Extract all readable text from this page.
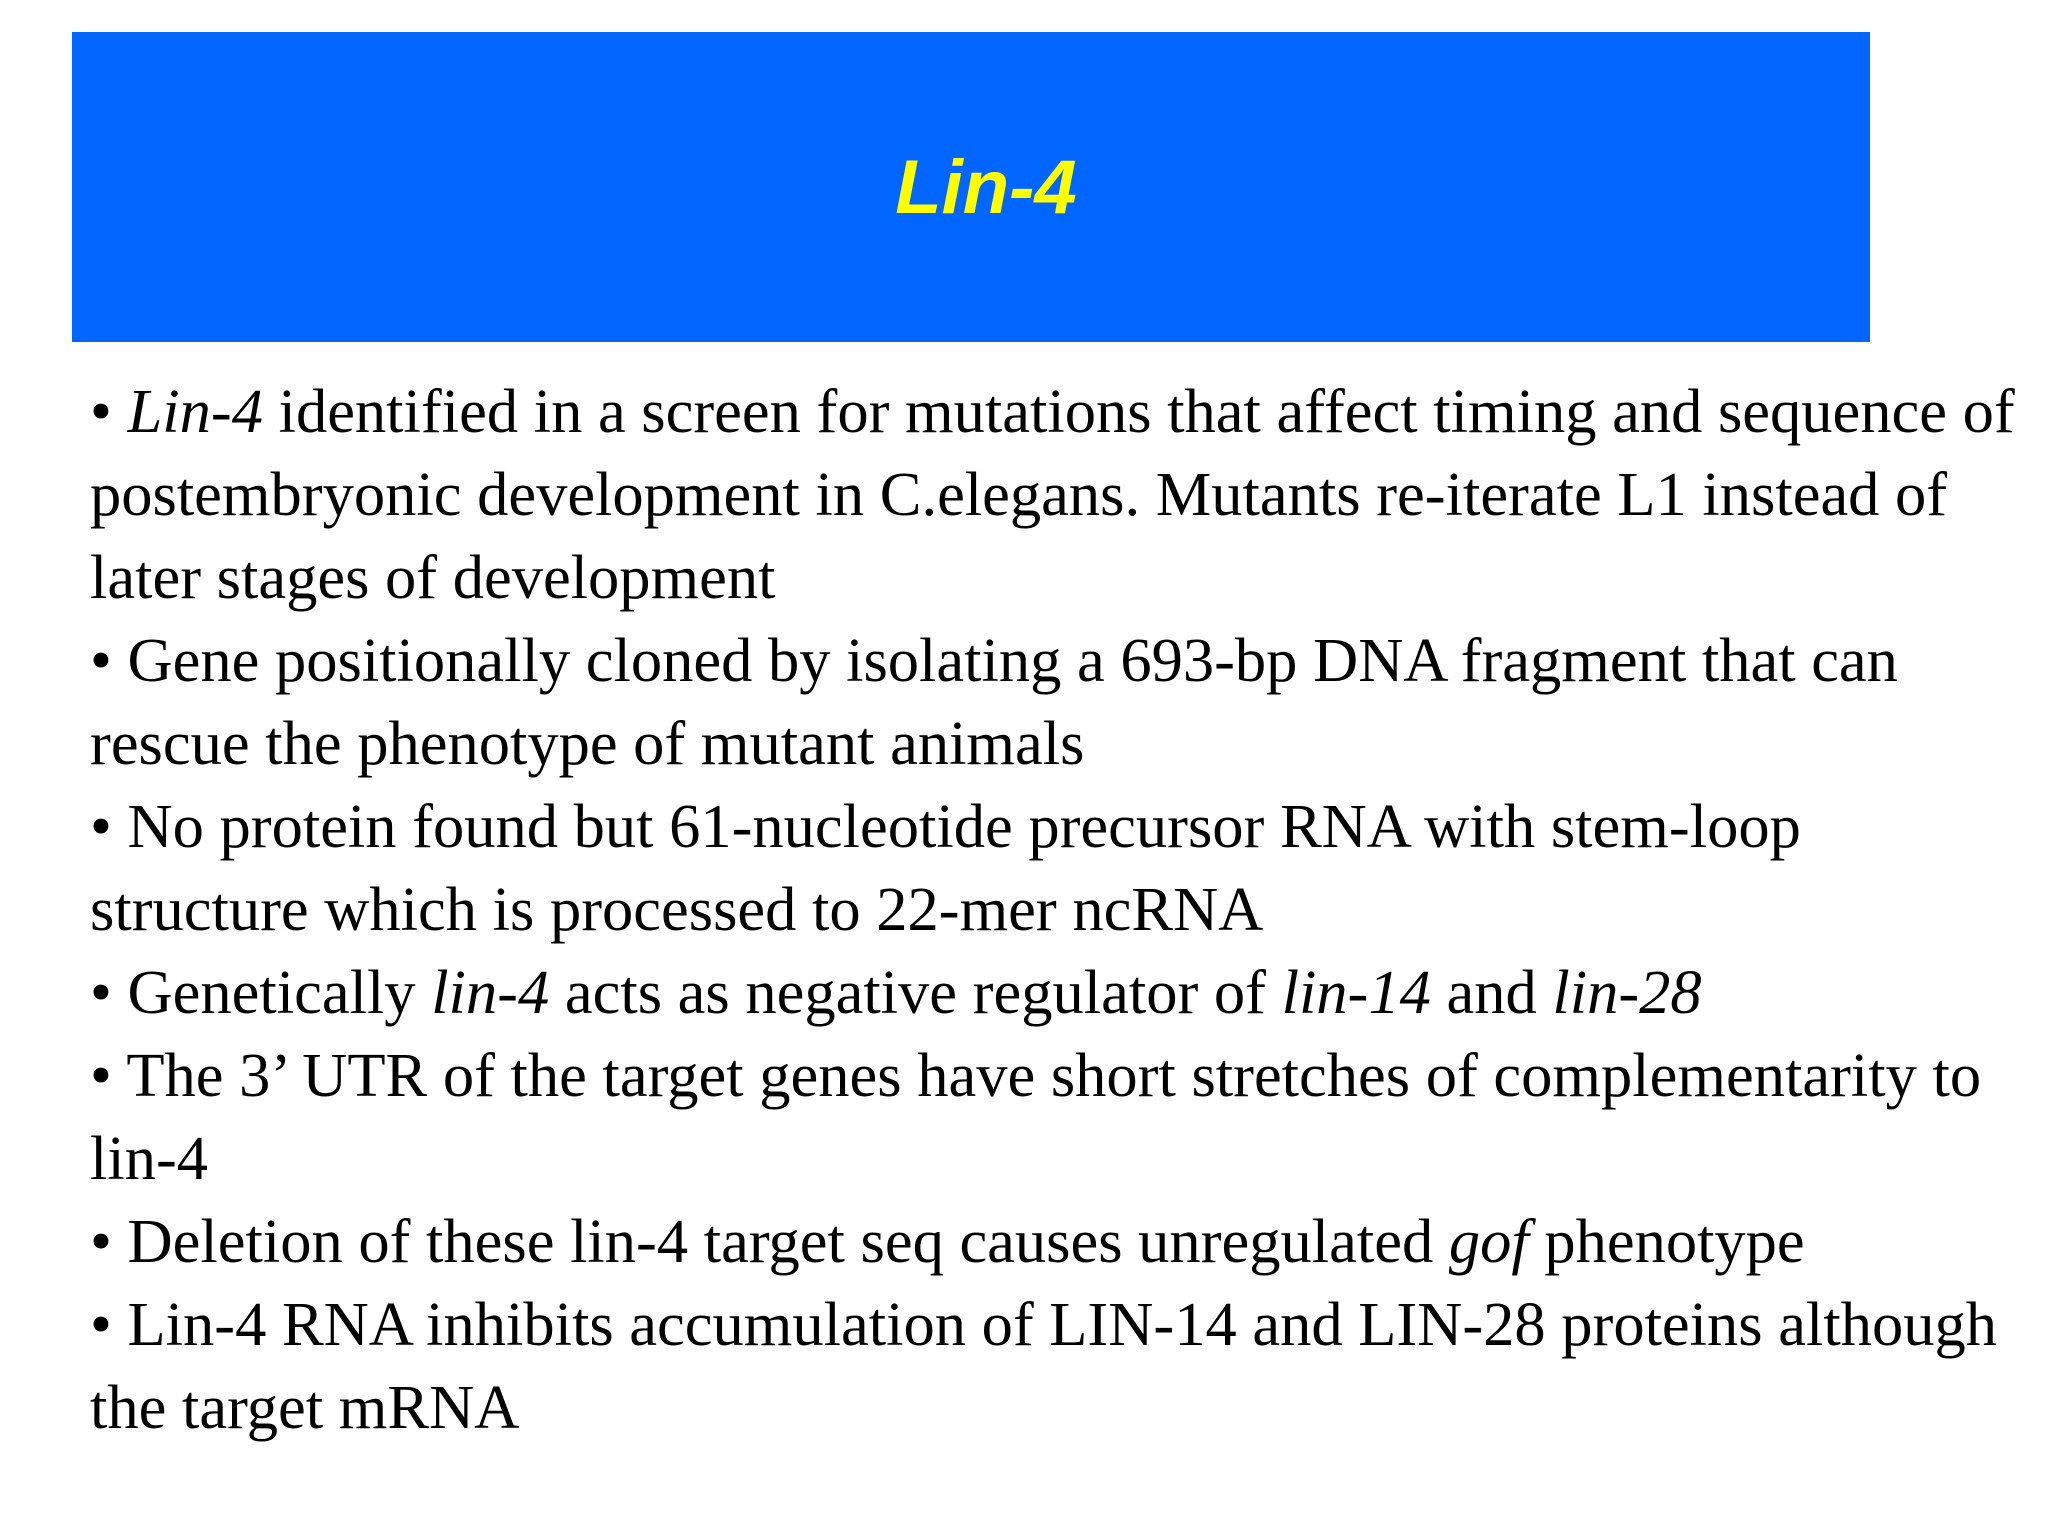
Lin-4

• Lin-4 identified in a screen for mutations that affect timing and sequence of postembryonic development in C.elegans. Mutants re-iterate L1 instead of later stages of development

• Gene positionally cloned by isolating a 693-bp DNA fragment that can rescue the phenotype of mutant animals

• No protein found but 61-nucleotide precursor RNA with stem-loop structure which is processed to 22-mer ncRNA

• Genetically lin-4 acts as negative regulator of lin-14 and lin-28

• The 3’ UTR of the target genes have short stretches of complementarity to lin-4

• Deletion of these lin-4 target seq causes unregulated gof phenotype

• Lin-4 RNA inhibits accumulation of LIN-14 and LIN-28 proteins although the target mRNA
